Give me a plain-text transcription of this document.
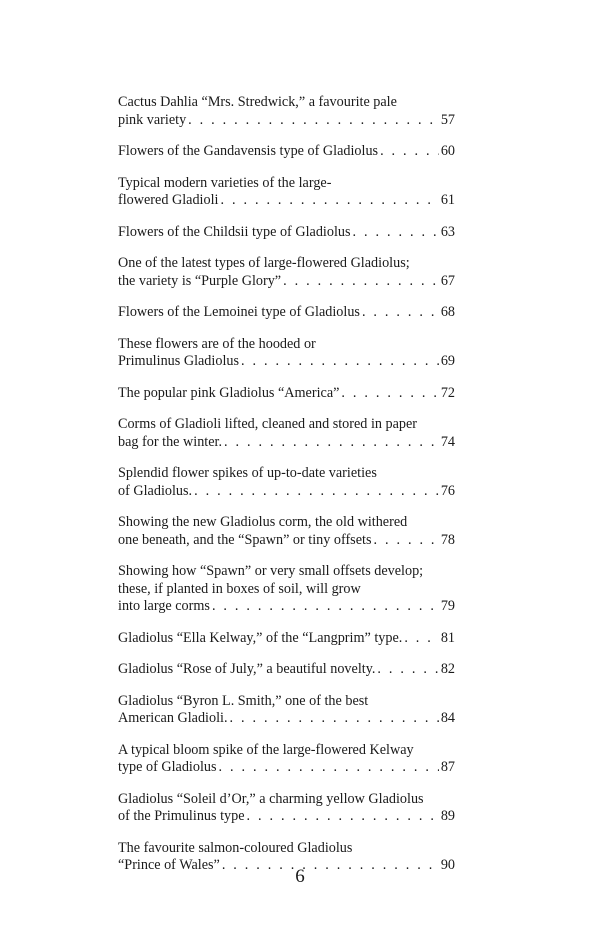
Cactus Dahlia “Mrs. Stredwick,” a favourite pale
pink variety . . .	57
Flowers of the Gandavensis type of Gladiolus . . .	60
Typical modern varieties of the large-
flowered Gladioli . . .	61
Flowers of the Childsii type of Gladiolus . . .	63
One of the latest types of large-flowered Gladiolus;
the variety is “Purple Glory” . . .	67
Flowers of the Lemoinei type of Gladiolus . . .	68
These flowers are of the hooded or
Primulinus Gladiolus . . .	69
The popular pink Gladiolus “America” . . .	72
Corms of Gladioli lifted, cleaned and stored in paper
bag for the winter. . . .	74
Splendid flower spikes of up-to-date varieties
of Gladiolus. . . .	76
Showing the new Gladiolus corm, the old withered
one beneath, and the “Spawn” or tiny offsets . . .	78
Showing how “Spawn” or very small offsets develop;
these, if planted in boxes of soil, will grow
into large corms . . .	79
Gladiolus “Ella Kelway,” of the “Langprim” type. . . .	81
Gladiolus “Rose of July,” a beautiful novelty. . . .	82
Gladiolus “Byron L. Smith,” one of the best
American Gladioli. . . .	84
A typical bloom spike of the large-flowered Kelway
type of Gladiolus . . .	87
Gladiolus “Soleil d’Or,” a charming yellow Gladiolus
of the Primulinus type . . .	89
The favourite salmon-coloured Gladiolus
“Prince of Wales” . . .	90
6
